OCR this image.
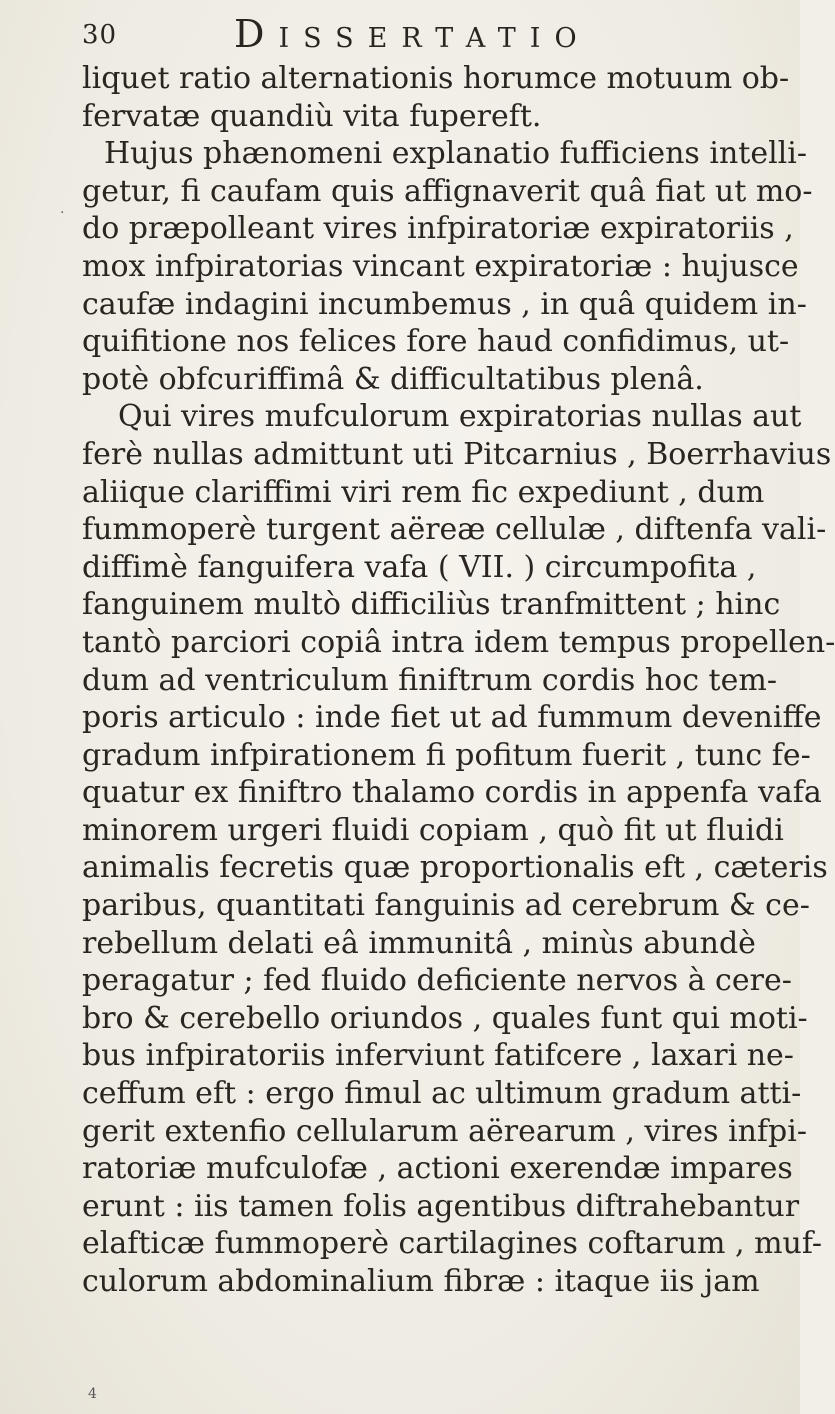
30	Dissertatio
·
liquet ratio alternationis horumce motuum ob‐
fervatæ quandiù vita fupereft.
Hujus phænomeni explanatio fufficiens intelli-
getur, fi caufam quis affignaverit quâ fiat ut mo-
do præpolleant vires infpiratoriæ expiratoriis ,
mox infpiratorias vincant expiratoriæ : hujusce
caufæ indagini incumbemus , in quâ quidem in-
quifitione nos felices fore haud confidimus, ut-
potè obfcuriffimâ & difficultatibus plenâ.
Qui vires mufculorum expiratorias nullas aut
ferè nullas admittunt uti Pitcarnius , Boerrhavius
aliique clariffimi viri rem fic expediunt , dum
fummoperè turgent aëreæ cellulæ , diftenfa vali-
diffimè fanguifera vafa ( VII. ) circumpofita ,
fanguinem multò difficiliùs tranfmittent ; hinc
tantò parciori copiâ intra idem tempus propellen-
dum ad ventriculum finiftrum cordis hoc tem-
poris articulo : inde fiet ut ad fummum deveniffe
gradum infpirationem fi pofitum fuerit , tunc fe-
quatur ex finiftro thalamo cordis in appenfa vafa
minorem urgeri fluidi copiam , quò fit ut fluidi
animalis fecretis quæ proportionalis eft , cæteris
paribus, quantitati fanguinis ad cerebrum & ce-
rebellum delati eâ immunitâ , minùs abundè
peragatur ; fed fluido deficiente nervos à cere-
bro & cerebello oriundos , quales funt qui moti-
bus infpiratoriis inferviunt fatifcere , laxari ne-
ceffum eft : ergo fimul ac ultimum gradum atti-
gerit extenfio cellularum aërearum , vires infpi-
ratoriæ mufculofæ , actioni exerendæ impares
erunt : iis tamen folis agentibus diftrahebantur
elafticæ fummoperè cartilagines coftarum , muf-
culorum abdominalium fibræ : itaque iis jam
4
